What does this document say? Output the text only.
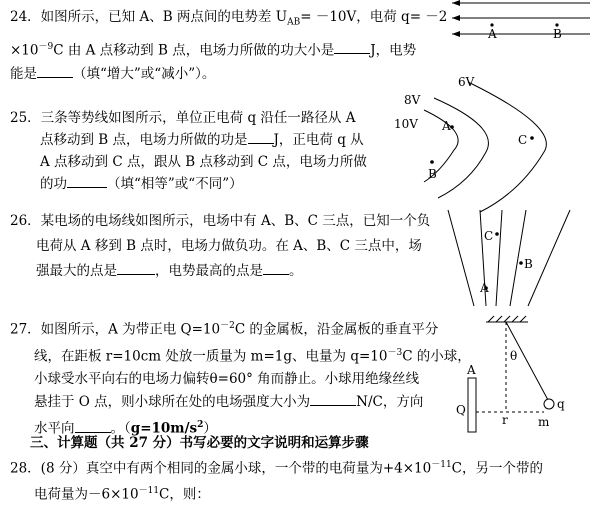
24．如图所示，已知 A、B 两点间的电势差 $U_{AB}= -10V$，电荷 q= －2
$\times 10^{-9}C$ 由 A 点移动到 B 点，电场力所做的功大小是	J，电势
能是	（填“增大”或“减小”）。
A	B
25．三条等势线如图所示，单位正电荷 q 沿任一路径从 A
点移动到 B 点，电场力所做的功是 J，正电荷 q 从
A 点移动到 C 点，跟从 B 点移动到 C 点，电场力所做
的功	（填“相等”或“不同”）
6V
8V
10V A
B
C
26．某电场的电场线如图所示，电场中有 A、B、C 三点，已知一个负
电荷从 A 移到 B 点时，电场力做负功。在 A、B、C 三点中，场
强最大的点是	，电势最高的点是 。
C
B
A
27．如图所示，A 为带正电 $Q=10^{-2}C$ 的金属板，沿金属板的垂直平分
线，在距板 r=10cm 处放一质量为 m=1g、电量为 $q=10^{-3}C$ 的小球，
小球受水平向右的电场力偏转θ=60° 角而静止。小球用绝缘丝线
悬挂于 O 点，则小球所在处的电场强度大小为	N/C，方向
水平向	。$(g=10m/s^2)$
θ
q
m
A
Q
r
三、计算题（共 27 分）书写必要的文字说明和运算步骤
28．(8 分）真空中有两个相同的金属小球，一个带的电荷量为$+4\times 10^{-11}C$，另一个带的
电荷量为$-6\times 10^{-11}C$，则：
